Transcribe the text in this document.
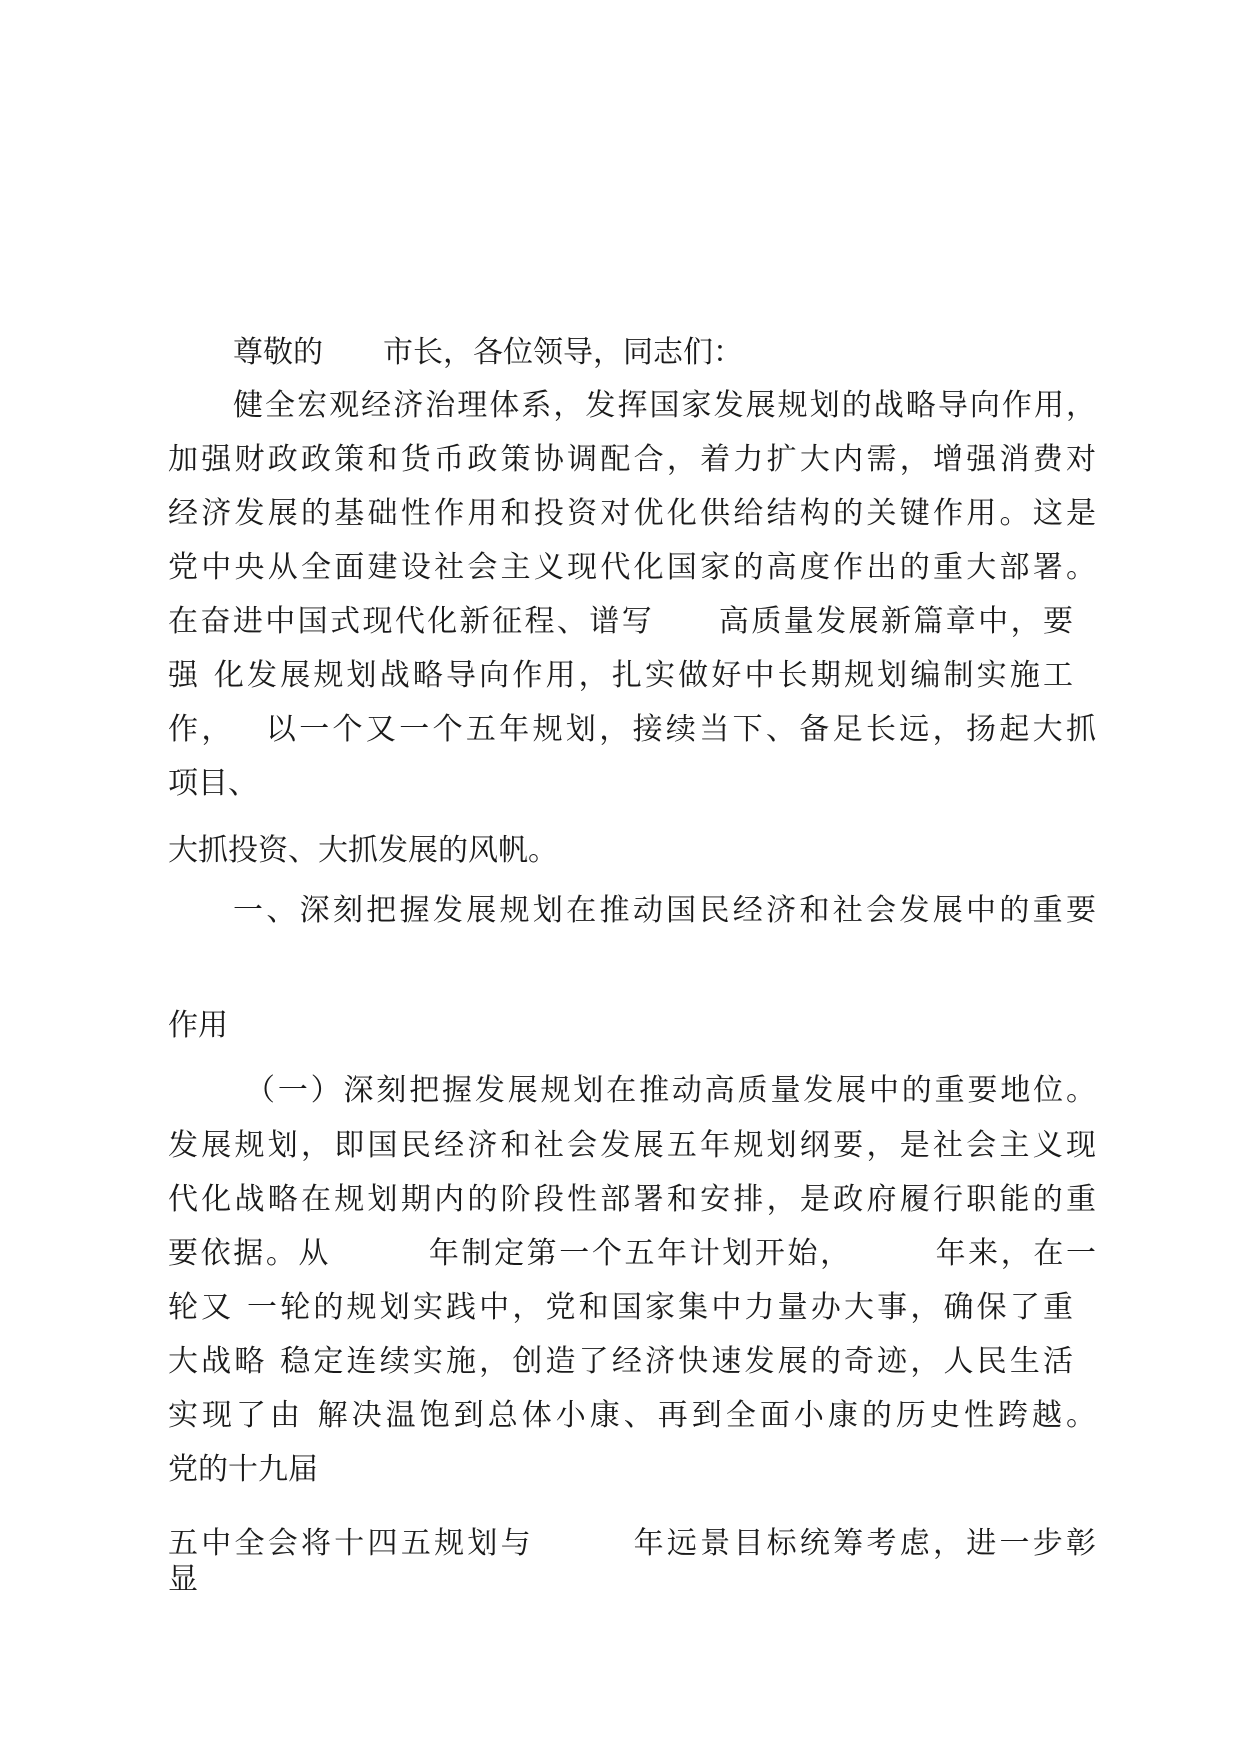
尊敬的　　市长，各位领导，同志们：
健全宏观经济治理体系，发挥国家发展规划的战略导向作用，
加强财政政策和货币政策协调配合，着力扩大内需，增强消费对
经济发展的基础性作用和投资对优化供给结构的关键作用。这是
党中央从全面建设社会主义现代化国家的高度作出的重大部署。
在奋进中国式现代化新征程、谱写　　高质量发展新篇章中，要
强 化发展规划战略导向作用，扎实做好中长期规划编制实施工
作，　 以一个又一个五年规划，接续当下、备足长远，扬起大抓
项目、
大抓投资、大抓发展的风帆。
一、深刻把握发展规划在推动国民经济和社会发展中的重要
作用
（一）深刻把握发展规划在推动高质量发展中的重要地位。
发展规划，即国民经济和社会发展五年规划纲要，是社会主义现
代化战略在规划期内的阶段性部署和安排，是政府履行职能的重
要依据。从　　　年制定第一个五年计划开始，　　　年来，在一
轮又 一轮的规划实践中，党和国家集中力量办大事，确保了重
大战略 稳定连续实施，创造了经济快速发展的奇迹，人民生活
实现了由 解决温饱到总体小康、再到全面小康的历史性跨越。
党的十九届
五中全会将十四五规划与　　　年远景目标统筹考虑，进一步彰
显
